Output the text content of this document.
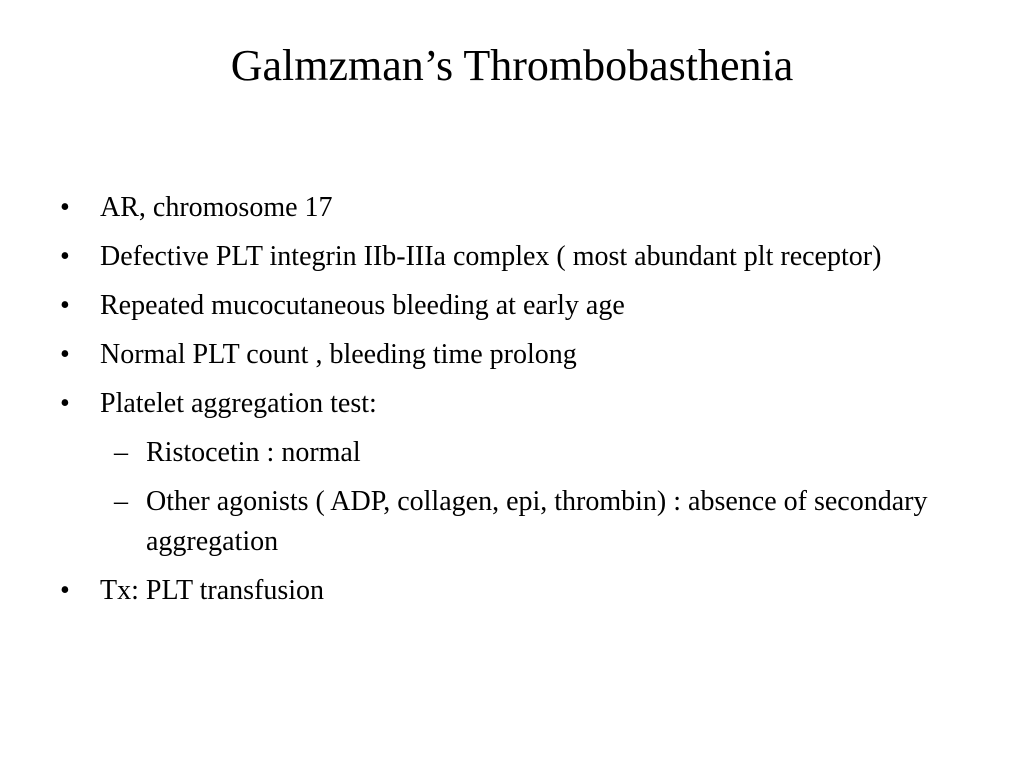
Galmzman’s Thrombobasthenia
• AR, chromosome 17
• Defective PLT integrin IIb-IIIa complex ( most abundant plt receptor)
• Repeated mucocutaneous bleeding at early age
• Normal PLT count , bleeding time prolong
• Platelet aggregation test:
– Ristocetin : normal
– Other agonists ( ADP, collagen, epi, thrombin) : absence of secondary aggregation
• Tx: PLT transfusion
